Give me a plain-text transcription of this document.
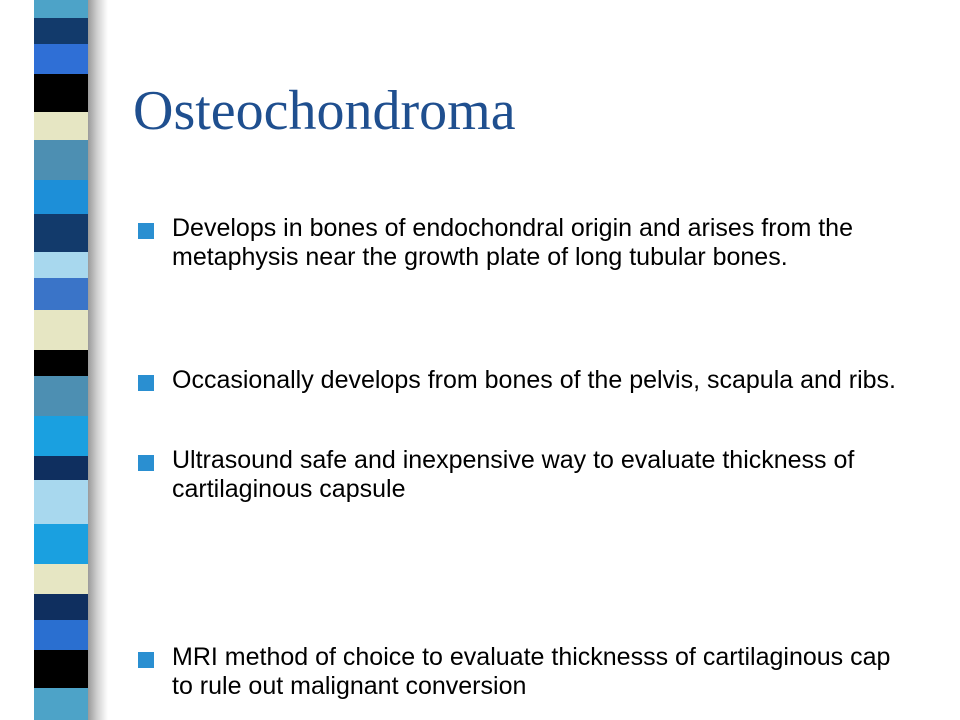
Osteochondroma
Develops in bones of endochondral origin and arises from the metaphysis near the growth plate of long tubular bones.
Occasionally develops from bones of the pelvis, scapula and ribs.
Ultrasound safe and inexpensive way to evaluate thickness of cartilaginous capsule
MRI method of choice to evaluate thicknesss of cartilaginous cap to rule out malignant conversion
